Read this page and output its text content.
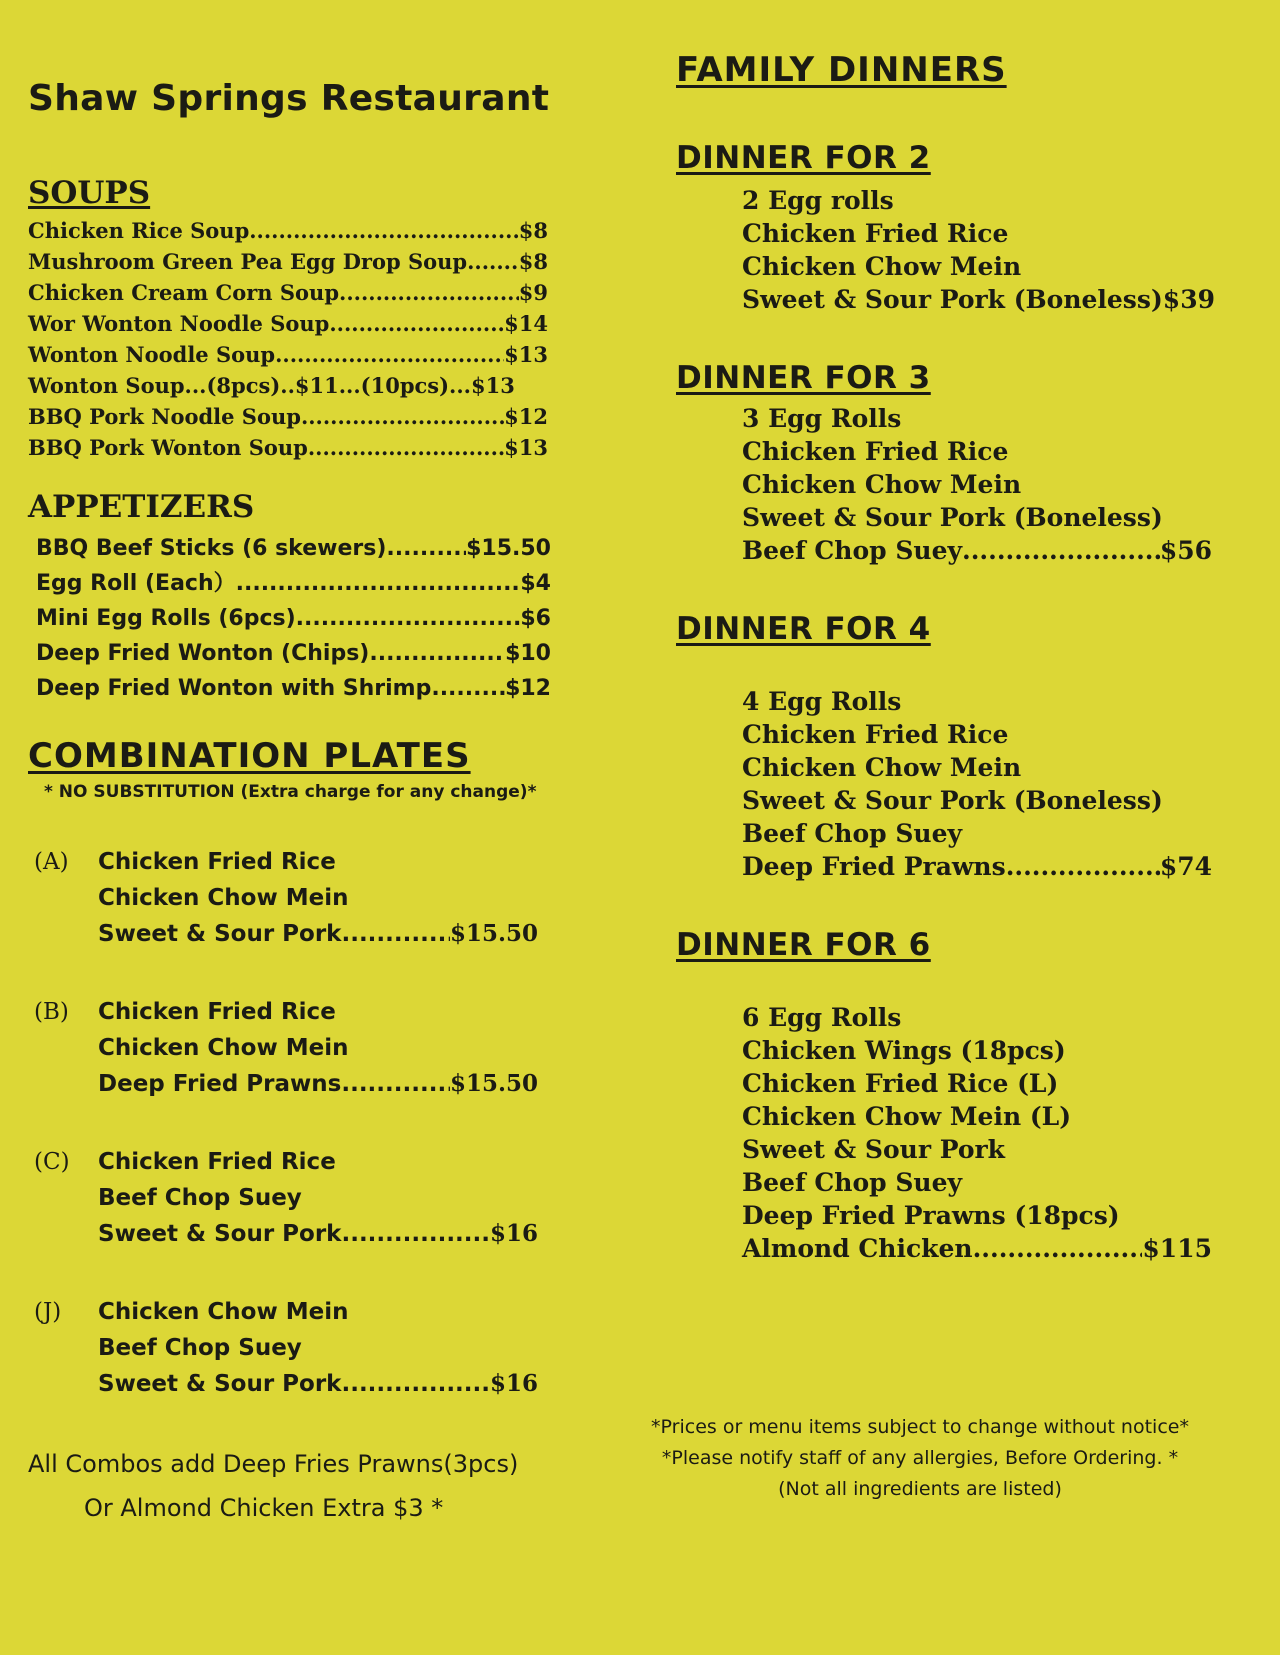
Shaw Springs Restaurant
SOUPS
Chicken Rice Soup .....	$8
Mushroom Green Pea Egg Drop Soup ..... $8
Chicken Cream Corn Soup .....	$9
Wor Wonton Noodle Soup .....	$14
Wonton Noodle Soup .....	$13
Wonton Soup...(8pcs)..$11...(10pcs)... $13
BBQ Pork Noodle Soup .....	$12
BBQ Pork Wonton Soup .....	$13
APPETIZERS
BBQ Beef Sticks (6 skewers) .....	$15.50
Egg Roll (Each） .....	$4
Mini Egg Rolls (6pcs) .....	$6
Deep Fried Wonton (Chips) .....	$10
Deep Fried Wonton with Shrimp .....	$12
COMBINATION PLATES
* NO SUBSTITUTION (Extra charge for any change)*
(A) Chicken Fried Rice
Chicken Chow Mein
Sweet & Sour Pork .....	$15.50
(B) Chicken Fried Rice
Chicken Chow Mein
Deep Fried Prawns .....	$15.50
(C) Chicken Fried Rice
Beef Chop Suey
Sweet & Sour Pork .....	$16
(J) Chicken Chow Mein
Beef Chop Suey
Sweet & Sour Pork .....	$16
All Combos add Deep Fries Prawns(3pcs)
Or Almond Chicken Extra $3 *
FAMILY DINNERS
DINNER FOR 2
2 Egg rolls
Chicken Fried Rice
Chicken Chow Mein
Sweet & Sour Pork (Boneless) $39
DINNER FOR 3
3 Egg Rolls
Chicken Fried Rice
Chicken Chow Mein
Sweet & Sour Pork (Boneless)
Beef Chop Suey .....	$56
DINNER FOR 4
4 Egg Rolls
Chicken Fried Rice
Chicken Chow Mein
Sweet & Sour Pork (Boneless)
Beef Chop Suey
Deep Fried Prawns .....	$74
DINNER FOR 6
6 Egg Rolls
Chicken Wings (18pcs)
Chicken Fried Rice (L)
Chicken Chow Mein (L)
Sweet & Sour Pork
Beef Chop Suey
Deep Fried Prawns (18pcs)
Almond Chicken .....	$115
*Prices or menu items subject to change without notice*
*Please notify staff of any allergies, Before Ordering. *
(Not all ingredients are listed)
